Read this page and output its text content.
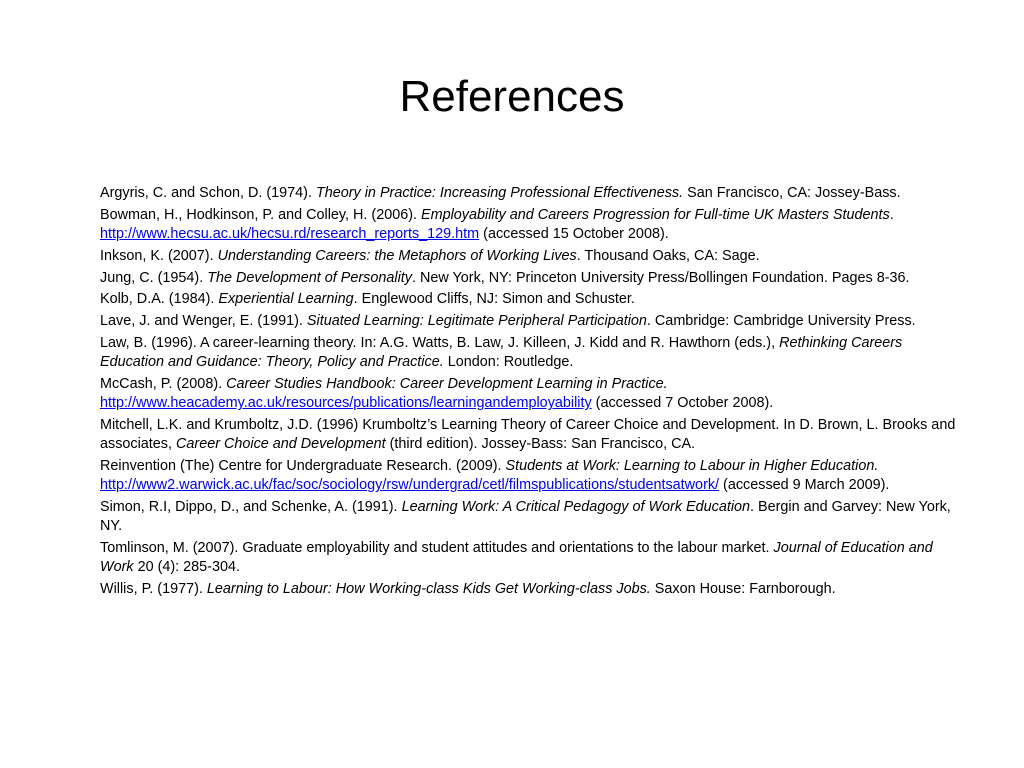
References
Argyris, C. and Schon, D. (1974). Theory in Practice: Increasing Professional Effectiveness. San Francisco, CA: Jossey-Bass.
Bowman, H., Hodkinson, P. and Colley, H. (2006). Employability and Careers Progression for Full-time UK Masters Students. http://www.hecsu.ac.uk/hecsu.rd/research_reports_129.htm (accessed 15 October 2008).
Inkson, K. (2007). Understanding Careers: the Metaphors of Working Lives. Thousand Oaks, CA: Sage.
Jung, C. (1954). The Development of Personality. New York, NY: Princeton University Press/Bollingen Foundation. Pages 8-36.
Kolb, D.A. (1984). Experiential Learning. Englewood Cliffs, NJ: Simon and Schuster.
Lave, J. and Wenger, E. (1991). Situated Learning: Legitimate Peripheral Participation. Cambridge: Cambridge University Press.
Law, B. (1996). A career-learning theory. In: A.G. Watts, B. Law, J. Killeen, J. Kidd and R. Hawthorn (eds.), Rethinking Careers Education and Guidance: Theory, Policy and Practice. London: Routledge.
McCash, P. (2008). Career Studies Handbook: Career Development Learning in Practice. http://www.heacademy.ac.uk/resources/publications/learningandemployability (accessed 7 October 2008).
Mitchell, L.K. and Krumboltz, J.D. (1996) Krumboltz’s Learning Theory of Career Choice and Development. In D. Brown, L. Brooks and associates, Career Choice and Development (third edition). Jossey-Bass: San Francisco, CA.
Reinvention (The) Centre for Undergraduate Research. (2009). Students at Work: Learning to Labour in Higher Education. http://www2.warwick.ac.uk/fac/soc/sociology/rsw/undergrad/cetl/filmspublications/studentsatwork/ (accessed 9 March 2009).
Simon, R.I, Dippo, D., and Schenke, A. (1991). Learning Work: A Critical Pedagogy of Work Education. Bergin and Garvey: New York, NY.
Tomlinson, M. (2007). Graduate employability and student attitudes and orientations to the labour market. Journal of Education and Work 20 (4): 285-304.
Willis, P. (1977). Learning to Labour: How Working-class Kids Get Working-class Jobs. Saxon House: Farnborough.
